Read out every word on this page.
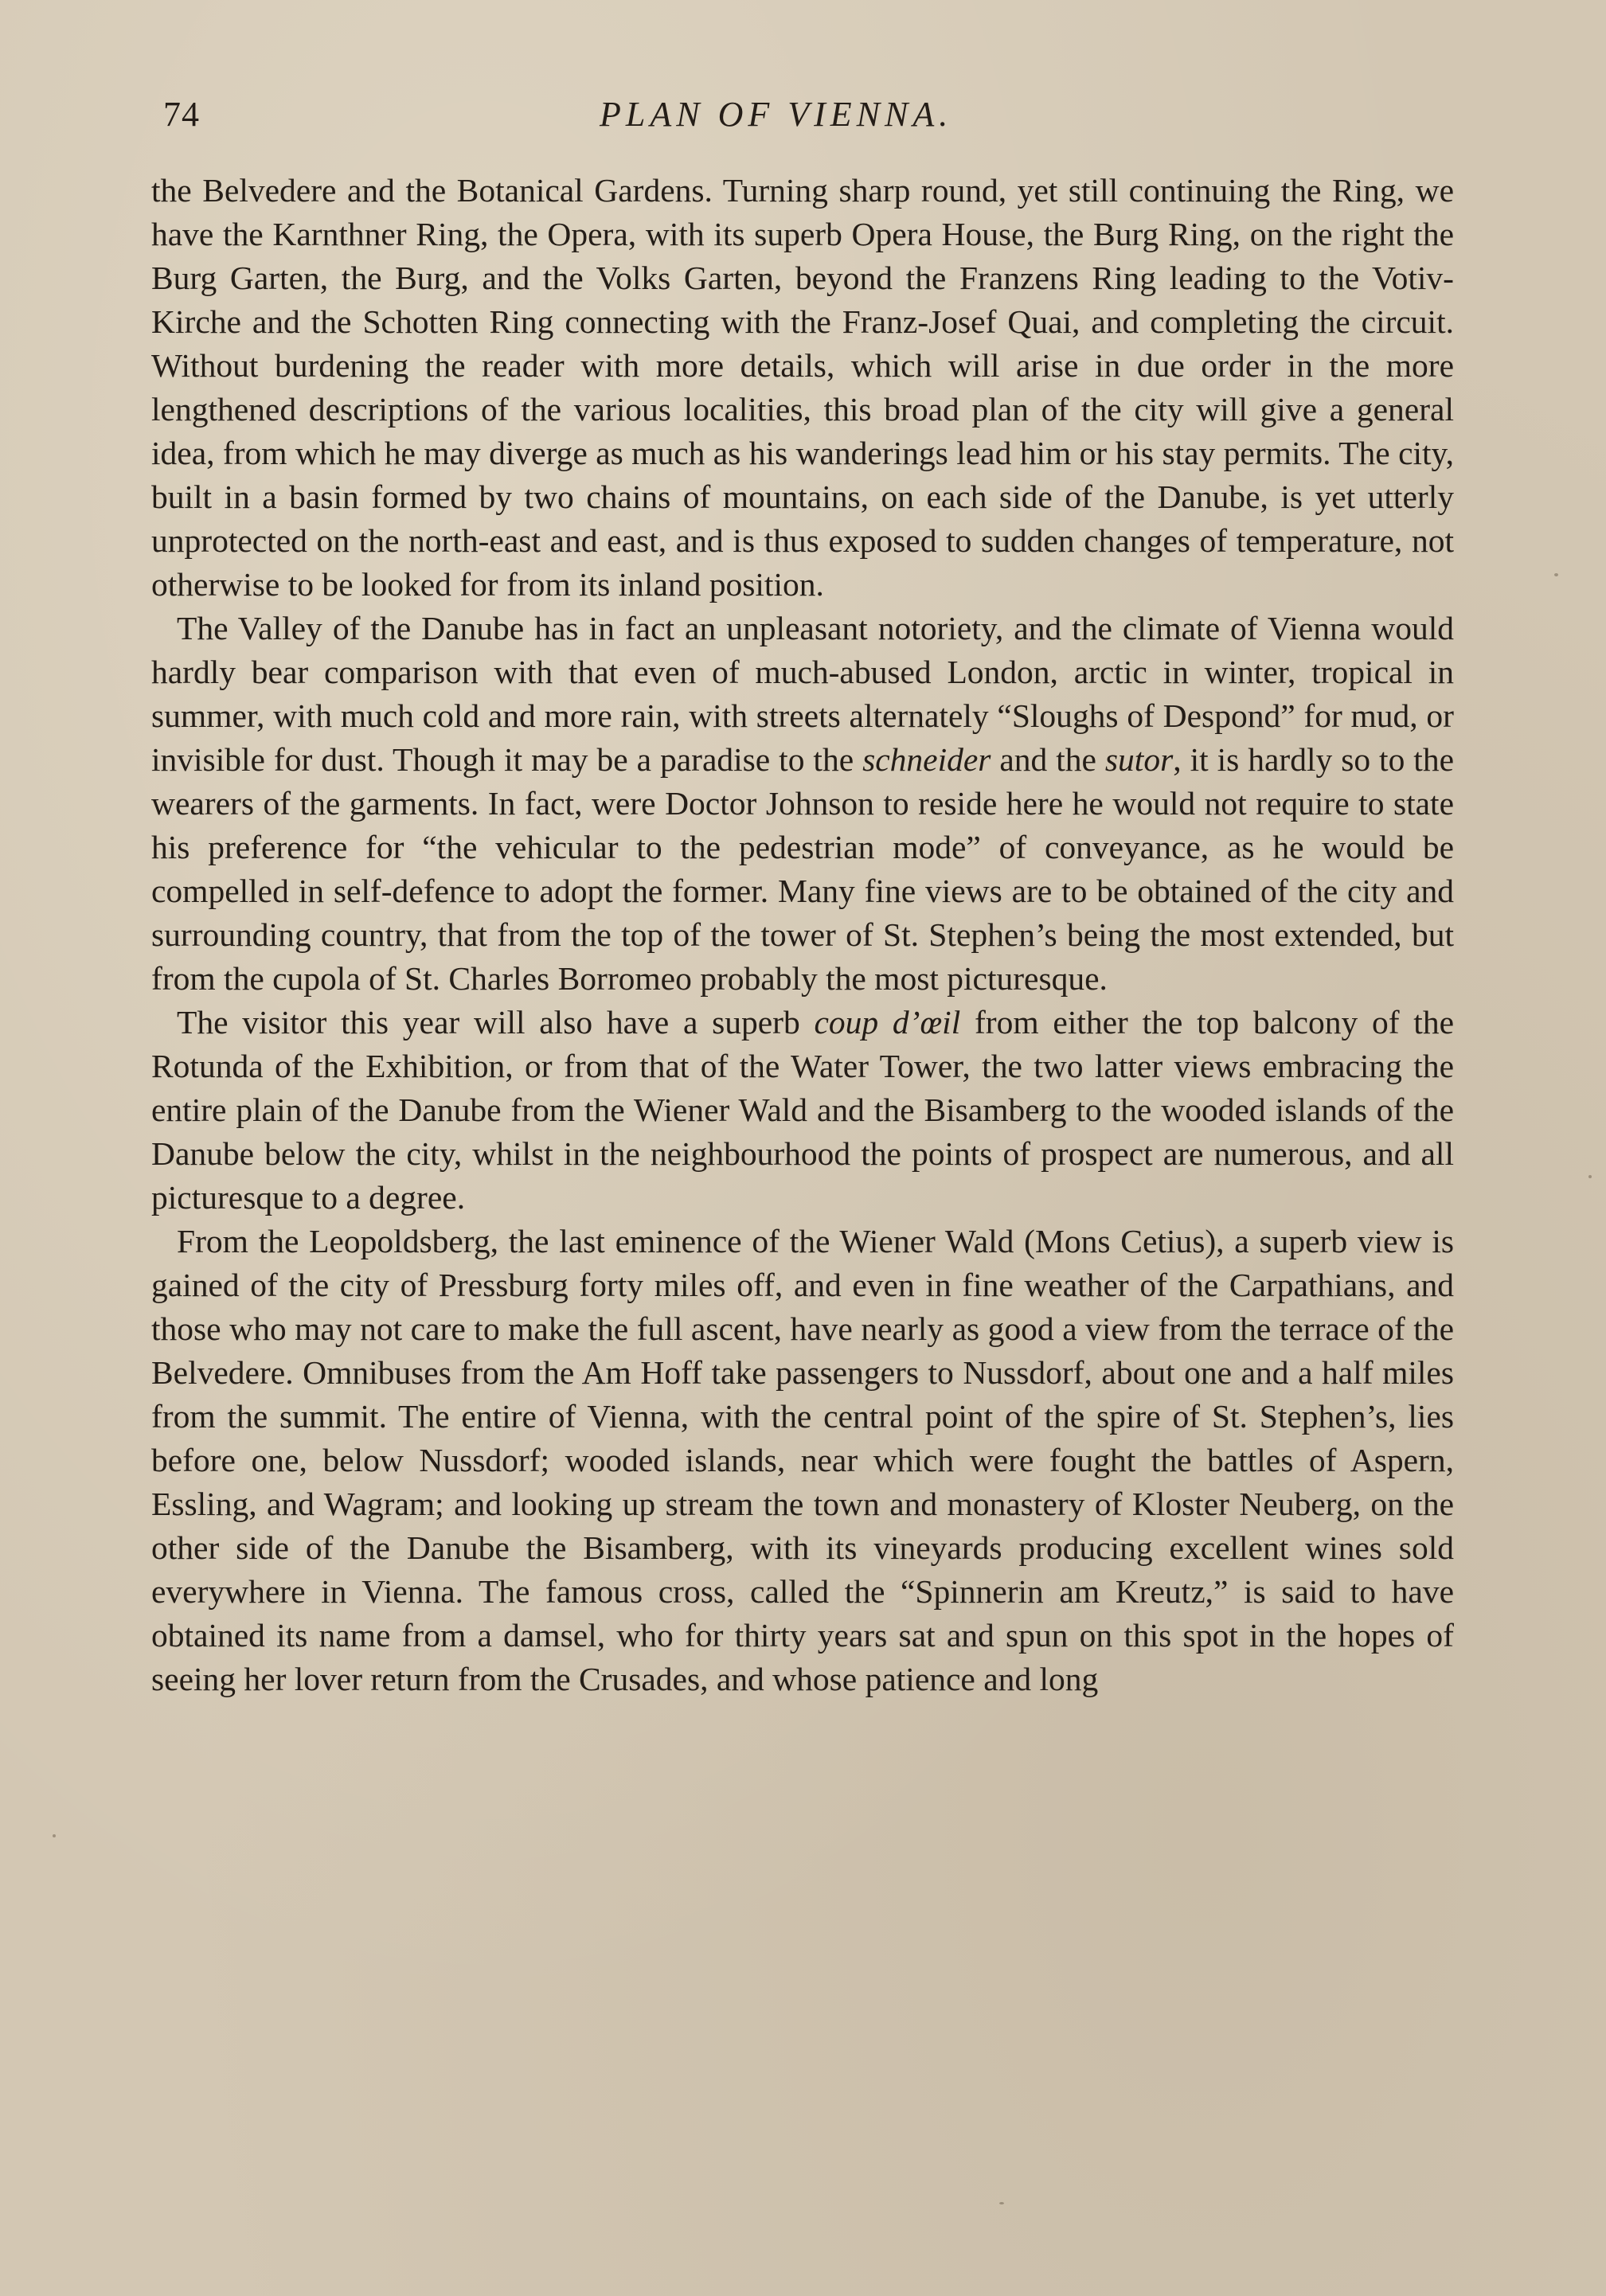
74	PLAN OF VIENNA.

the Belvedere and the Botanical Gardens. Turning sharp round, yet still continuing the Ring, we have the Karnthner Ring, the Opera, with its superb Opera House, the Burg Ring, on the right the Burg Garten, the Burg, and the Volks Garten, beyond the Franzens Ring leading to the Votiv-Kirche and the Schotten Ring connecting with the Franz-Josef Quai, and completing the circuit. Without burdening the reader with more details, which will arise in due order in the more lengthened descriptions of the various localities, this broad plan of the city will give a general idea, from which he may diverge as much as his wanderings lead him or his stay permits. The city, built in a basin formed by two chains of mountains, on each side of the Danube, is yet utterly unprotected on the north-east and east, and is thus exposed to sudden changes of temperature, not otherwise to be looked for from its inland position.

The Valley of the Danube has in fact an unpleasant notoriety, and the climate of Vienna would hardly bear comparison with that even of much-abused London, arctic in winter, tropical in summer, with much cold and more rain, with streets alternately “Sloughs of Despond” for mud, or invisible for dust. Though it may be a paradise to the schneider and the sutor, it is hardly so to the wearers of the garments. In fact, were Doctor Johnson to reside here he would not require to state his preference for “the vehicular to the pedestrian mode” of conveyance, as he would be compelled in self-defence to adopt the former. Many fine views are to be obtained of the city and surrounding country, that from the top of the tower of St. Stephen’s being the most extended, but from the cupola of St. Charles Borromeo probably the most picturesque.

The visitor this year will also have a superb coup d’œil from either the top balcony of the Rotunda of the Exhibition, or from that of the Water Tower, the two latter views embracing the entire plain of the Danube from the Wiener Wald and the Bisamberg to the wooded islands of the Danube below the city, whilst in the neighbourhood the points of prospect are numerous, and all picturesque to a degree.

From the Leopoldsberg, the last eminence of the Wiener Wald (Mons Cetius), a superb view is gained of the city of Pressburg forty miles off, and even in fine weather of the Carpathians, and those who may not care to make the full ascent, have nearly as good a view from the terrace of the Belvedere. Omnibuses from the Am Hoff take passengers to Nussdorf, about one and a half miles from the summit. The entire of Vienna, with the central point of the spire of St. Stephen’s, lies before one, below Nussdorf; wooded islands, near which were fought the battles of Aspern, Essling, and Wagram; and looking up stream the town and monastery of Kloster Neuberg, on the other side of the Danube the Bisamberg, with its vineyards producing excellent wines sold everywhere in Vienna. The famous cross, called the “Spinnerin am Kreutz,” is said to have obtained its name from a damsel, who for thirty years sat and spun on this spot in the hopes of seeing her lover return from the Crusades, and whose patience and long
